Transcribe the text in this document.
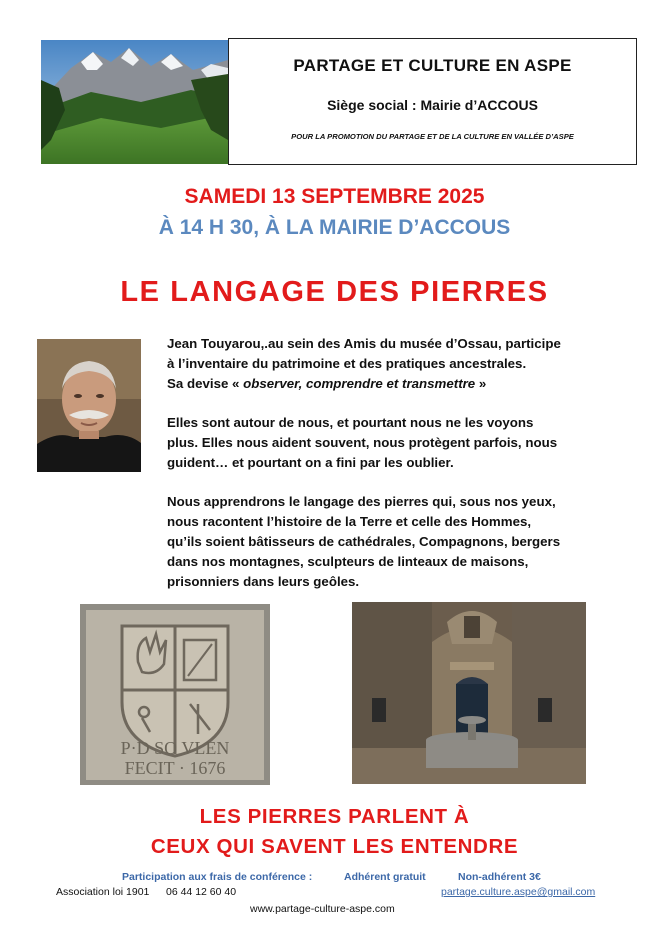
PARTAGE ET CULTURE EN ASPE
Siège social : Mairie d’ACCOUS
POUR LA PROMOTION DU PARTAGE ET DE LA CULTURE EN VALLÉE D’ASPE
SAMEDI 13 SEPTEMBRE 2025
À 14 H 30, À LA MAIRIE D’ACCOUS
LE LANGAGE DES PIERRES

Jean Touyarou,.au sein des Amis du musée d’Ossau, participe
à l’inventaire du patrimoine et des pratiques ancestrales.
Sa devise « observer, comprendre et transmettre »

Elles sont autour de nous, et pourtant nous ne les voyons
plus. Elles nous aident souvent, nous protègent parfois, nous
guident… et pourtant on a fini par les oublier.

Nous apprendrons le langage des pierres qui, sous nos yeux,
nous racontent l’histoire de la Terre et celle des Hommes,
qu’ils soient bâtisseurs de cathédrales, Compagnons, bergers
dans nos montagnes, sculpteurs de linteaux de maisons,
prisonniers dans leurs geôles.

P·D SO VLEN
FECIT · 1676
LES PIERRES PARLENT À
CEUX QUI SAVENT LES ENTENDRE
Participation aux frais de conférence :	Adhérent gratuit	Non-adhérent 3€
Association loi 1901 06 44 12 60 40	partage.culture.aspe@gmail.com
www.partage-culture-aspe.com
